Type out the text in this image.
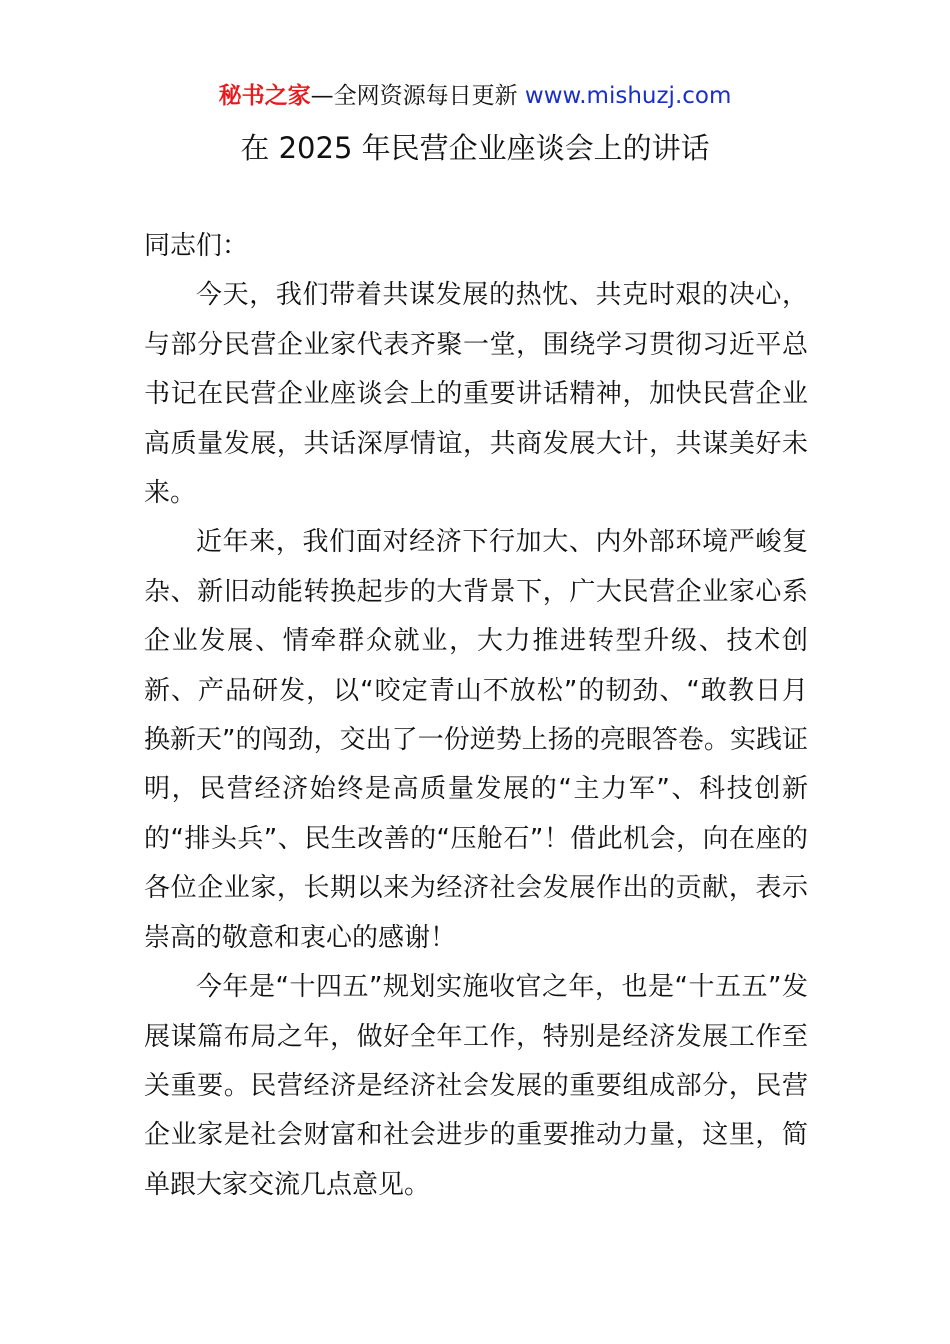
秘书之家—全网资源每日更新 www.mishuzj.com
在 2025 年民营企业座谈会上的讲话

同志们：

今天，我们带着共谋发展的热忱、共克时艰的决心，与部分民营企业家代表齐聚一堂，围绕学习贯彻习近平总书记在民营企业座谈会上的重要讲话精神，加快民营企业高质量发展，共话深厚情谊，共商发展大计，共谋美好未来。

近年来，我们面对经济下行加大、内外部环境严峻复杂、新旧动能转换起步的大背景下，广大民营企业家心系企业发展、情牵群众就业，大力推进转型升级、技术创新、产品研发，以“咬定青山不放松”的韧劲、“敢教日月换新天”的闯劲，交出了一份逆势上扬的亮眼答卷。实践证明，民营经济始终是高质量发展的“主力军”、科技创新的“排头兵”、民生改善的“压舱石”！借此机会，向在座的各位企业家，长期以来为经济社会发展作出的贡献，表示崇高的敬意和衷心的感谢！

今年是“十四五”规划实施收官之年，也是“十五五”发展谋篇布局之年，做好全年工作，特别是经济发展工作至关重要。民营经济是经济社会发展的重要组成部分，民营企业家是社会财富和社会进步的重要推动力量，这里，简单跟大家交流几点意见。
